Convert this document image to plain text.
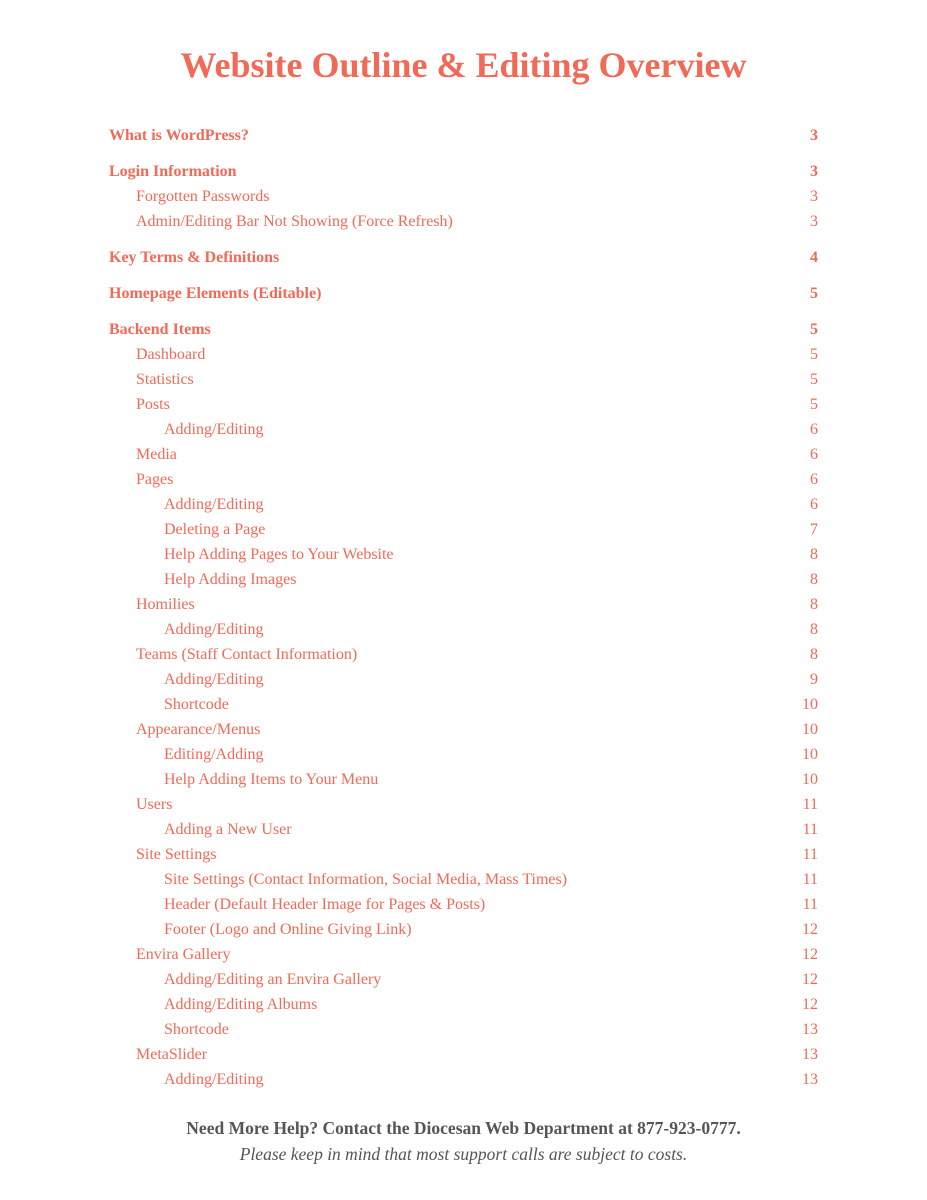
Website Outline & Editing Overview
What is WordPress?	3
Login Information	3
Forgotten Passwords	3
Admin/Editing Bar Not Showing (Force Refresh)	3
Key Terms & Definitions	4
Homepage Elements (Editable)	5
Backend Items	5
Dashboard	5
Statistics	5
Posts	5
Adding/Editing	6
Media	6
Pages	6
Adding/Editing	6
Deleting a Page	7
Help Adding Pages to Your Website	8
Help Adding Images	8
Homilies	8
Adding/Editing	8
Teams (Staff Contact Information)	8
Adding/Editing	9
Shortcode	10
Appearance/Menus	10
Editing/Adding	10
Help Adding Items to Your Menu	10
Users	11
Adding a New User	11
Site Settings	11
Site Settings (Contact Information, Social Media, Mass Times)	11
Header (Default Header Image for Pages & Posts)	11
Footer (Logo and Online Giving Link)	12
Envira Gallery	12
Adding/Editing an Envira Gallery	12
Adding/Editing Albums	12
Shortcode	13
MetaSlider	13
Adding/Editing	13
Need More Help? Contact the Diocesan Web Department at 877-923-0777.
Please keep in mind that most support calls are subject to costs.
